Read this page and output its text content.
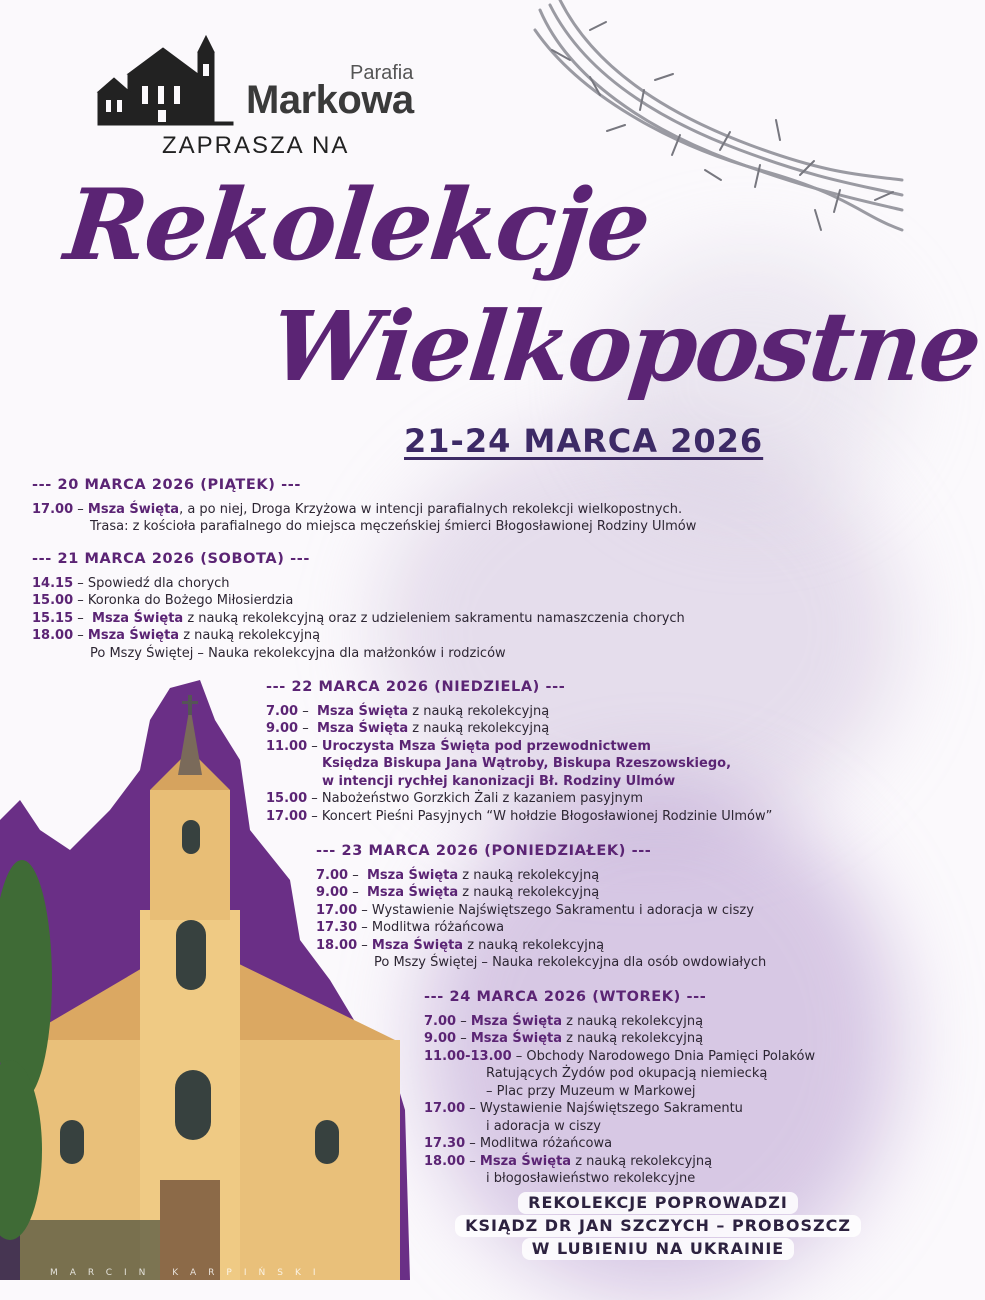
Parafia
Markowa
ZAPRASZA NA
Rekolekcje
Wielkopostne
21-24 MARCA 2026
--- 20 MARCA 2026 (PIĄTEK) ---
17.00 – Msza Święta, a po niej, Droga Krzyżowa w intencji parafialnych rekolekcji wielkopostnych.
Trasa: z kościoła parafialnego do miejsca męczeńskiej śmierci Błogosławionej Rodziny Ulmów
--- 21 MARCA 2026 (SOBOTA) ---
14.15 – Spowiedź dla chorych
15.00 – Koronka do Bożego Miłosierdzia
15.15 –  Msza Święta z nauką rekolekcyjną oraz z udzieleniem sakramentu namaszczenia chorych
18.00 – Msza Święta z nauką rekolekcyjną
Po Mszy Świętej – Nauka rekolekcyjna dla małżonków i rodziców
--- 22 MARCA 2026 (NIEDZIELA) ---
7.00 –  Msza Święta z nauką rekolekcyjną
9.00 –  Msza Święta z nauką rekolekcyjną
11.00 – Uroczysta Msza Święta pod przewodnictwem
Księdza Biskupa Jana Wątroby, Biskupa Rzeszowskiego,
w intencji rychłej kanonizacji Bł. Rodziny Ulmów
15.00 – Nabożeństwo Gorzkich Żali z kazaniem pasyjnym
17.00 – Koncert Pieśni Pasyjnych “W hołdzie Błogosławionej Rodzinie Ulmów”
--- 23 MARCA 2026 (PONIEDZIAŁEK) ---
7.00 –  Msza Święta z nauką rekolekcyjną
9.00 –  Msza Święta z nauką rekolekcyjną
17.00 – Wystawienie Najświętszego Sakramentu i adoracja w ciszy
17.30 – Modlitwa różańcowa
18.00 – Msza Święta z nauką rekolekcyjną
Po Mszy Świętej – Nauka rekolekcyjna dla osób owdowiałych
--- 24 MARCA 2026 (WTOREK) ---
7.00 – Msza Święta z nauką rekolekcyjną
9.00 – Msza Święta z nauką rekolekcyjną
11.00-13.00 – Obchody Narodowego Dnia Pamięci Polaków
Ratujących Żydów pod okupacją niemiecką
– Plac przy Muzeum w Markowej
17.00 – Wystawienie Najświętszego Sakramentu
i adoracja w ciszy
17.30 – Modlitwa różańcowa
18.00 – Msza Święta z nauką rekolekcyjną
i błogosławieństwo rekolekcyjne
REKOLEKCJE POPROWADZI
KSIĄDZ DR JAN SZCZYCH – PROBOSZCZ
W LUBIENIU NA UKRAINIE
MARCIN KARPIŃSKI
